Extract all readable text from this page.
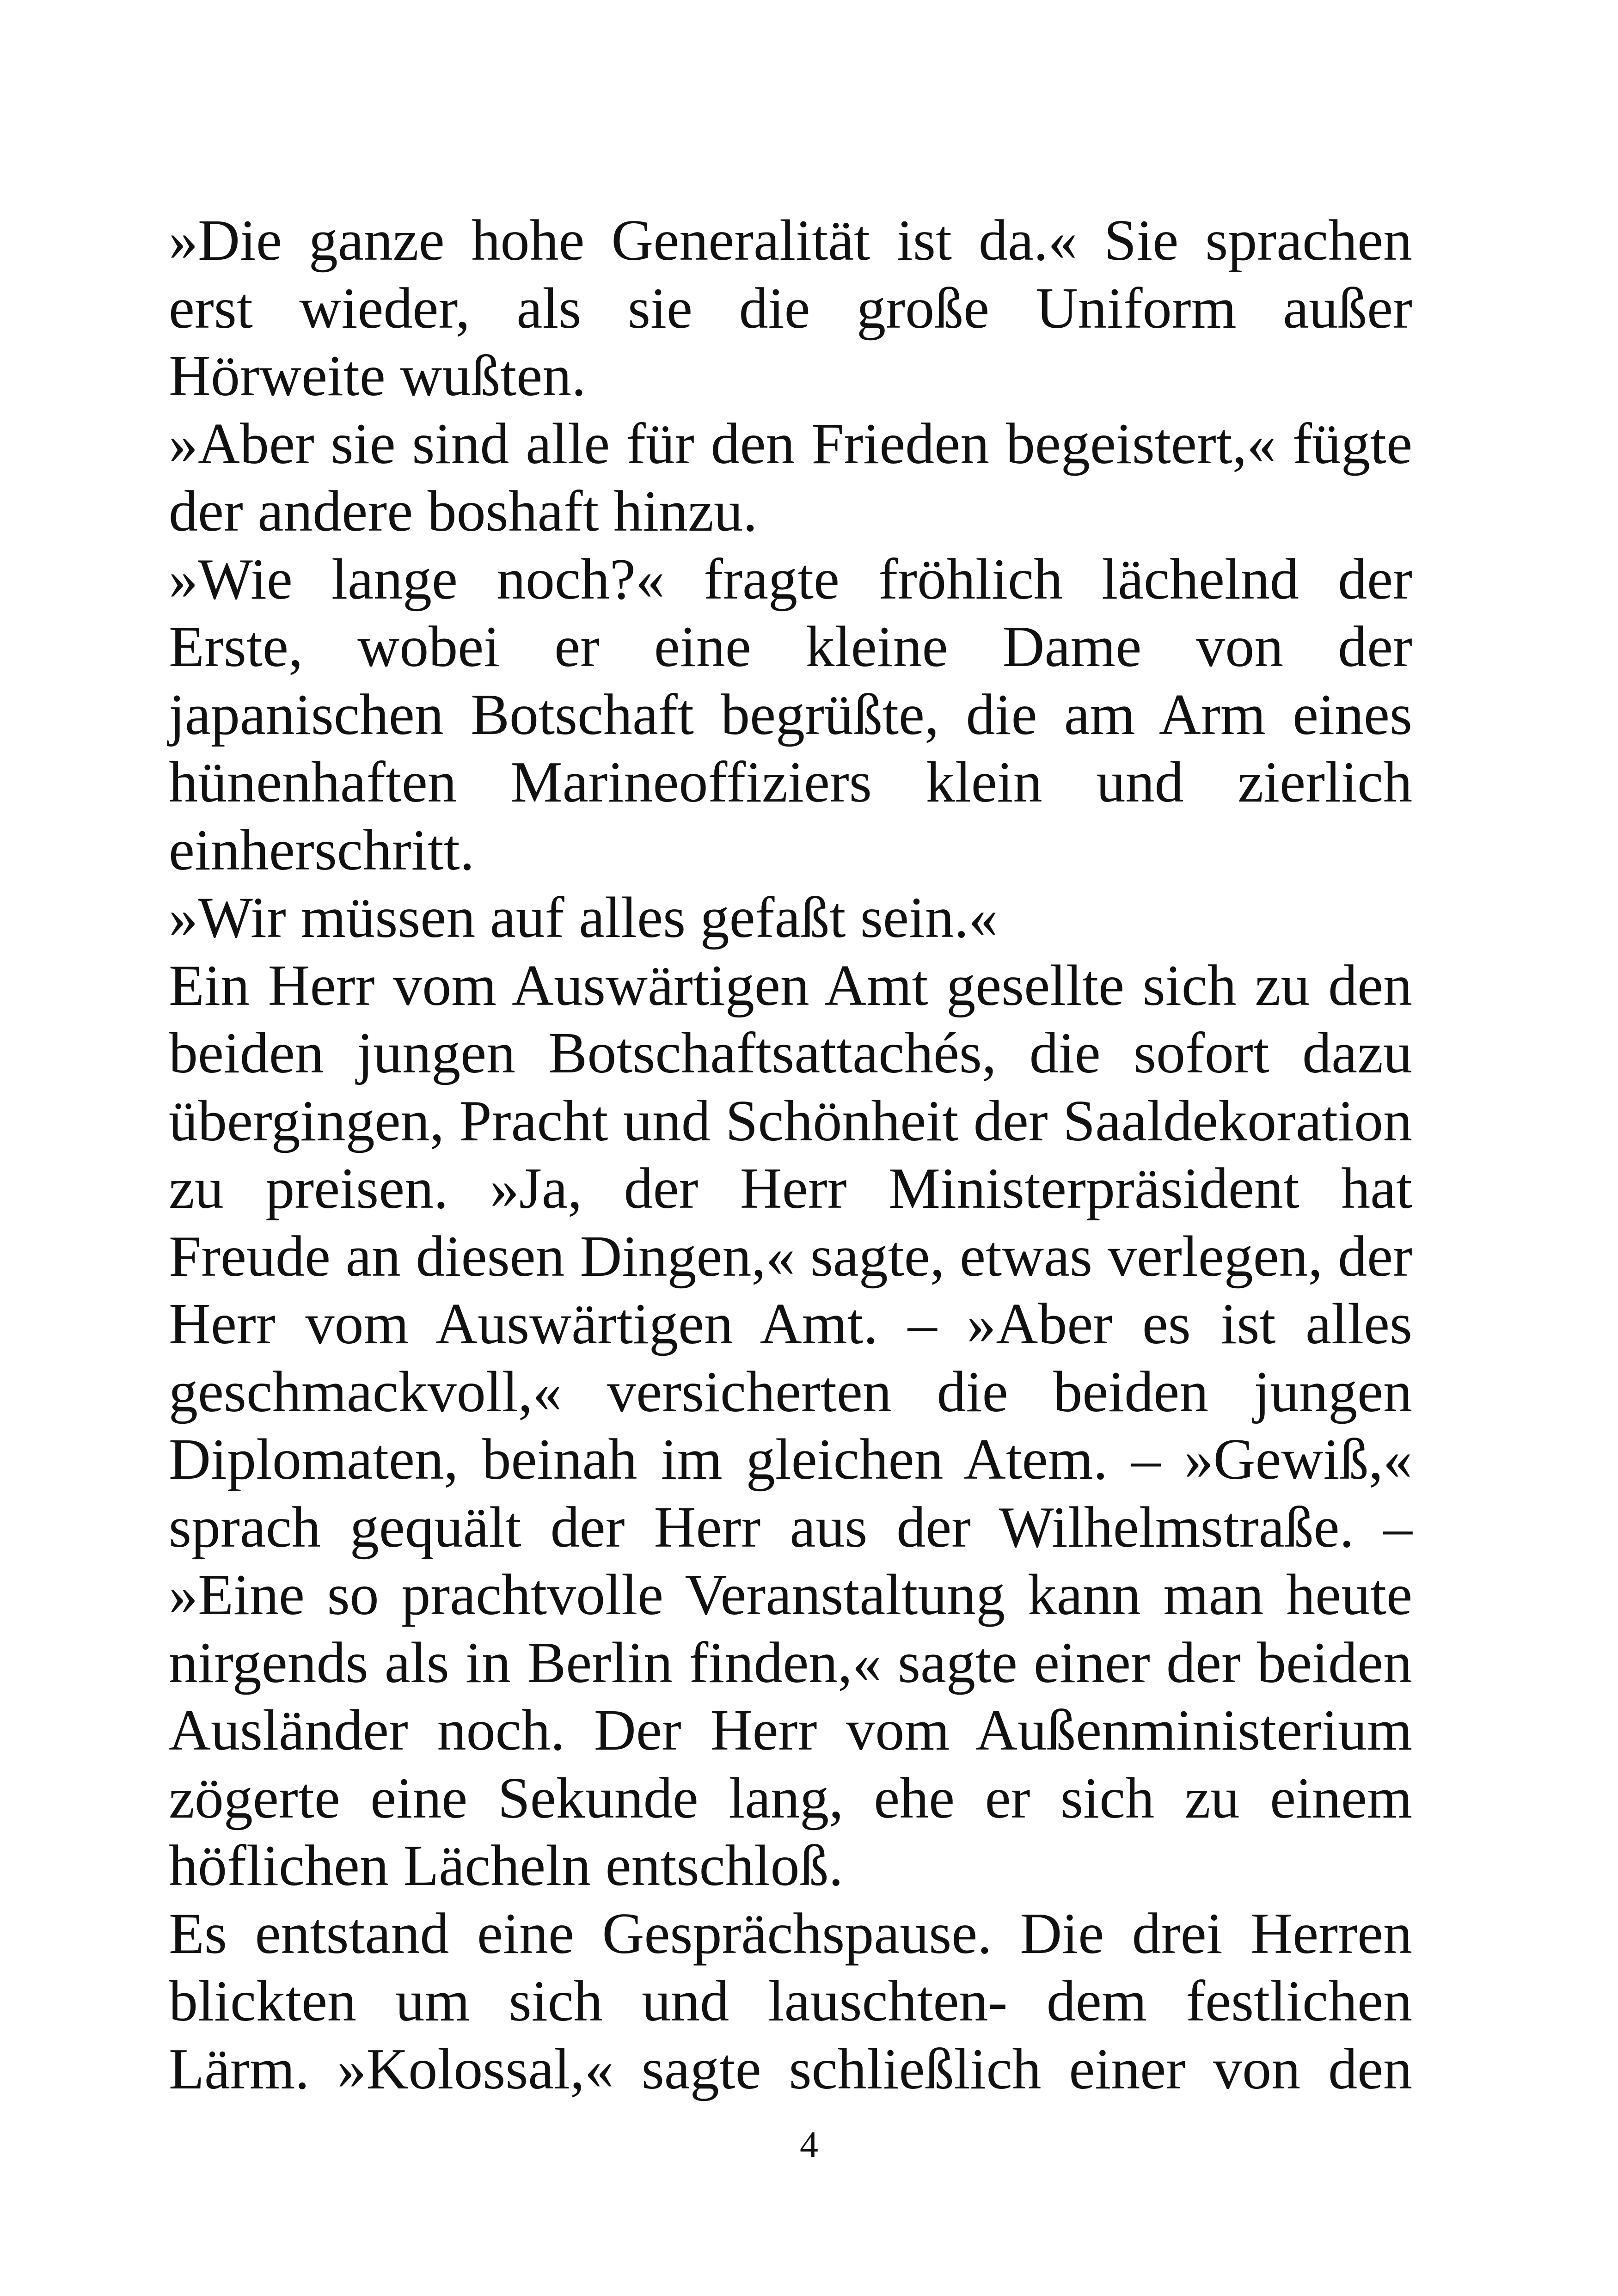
»Die ganze hohe Generalität ist da.« Sie sprachen erst wieder, als sie die große Uniform außer Hörweite wußten.

»Aber sie sind alle für den Frieden begeistert,« fügte der andere boshaft hinzu.

»Wie lange noch?« fragte fröhlich lächelnd der Erste, wobei er eine kleine Dame von der japanischen Botschaft begrüßte, die am Arm eines hünenhaften Marineoffiziers klein und zierlich einherschritt.

»Wir müssen auf alles gefaßt sein.«

Ein Herr vom Auswärtigen Amt gesellte sich zu den beiden jungen Botschaftsattachés, die sofort dazu übergingen, Pracht und Schönheit der Saaldekoration zu preisen. »Ja, der Herr Ministerpräsident hat Freude an diesen Dingen,« sagte, etwas verlegen, der Herr vom Auswärtigen Amt. – »Aber es ist alles geschmackvoll,« versicherten die beiden jungen Diplomaten, beinah im gleichen Atem. – »Gewiß,« sprach gequält der Herr aus der Wilhelmstraße. – »Eine so prachtvolle Veranstaltung kann man heute nirgends als in Berlin finden,« sagte einer der beiden Ausländer noch. Der Herr vom Außenministerium zögerte eine Sekunde lang, ehe er sich zu einem höflichen Lächeln entschloß.

Es entstand eine Gesprächspause. Die drei Herren blickten um sich und lauschten- dem festlichen Lärm. »Kolossal,« sagte schließlich einer von den

4
